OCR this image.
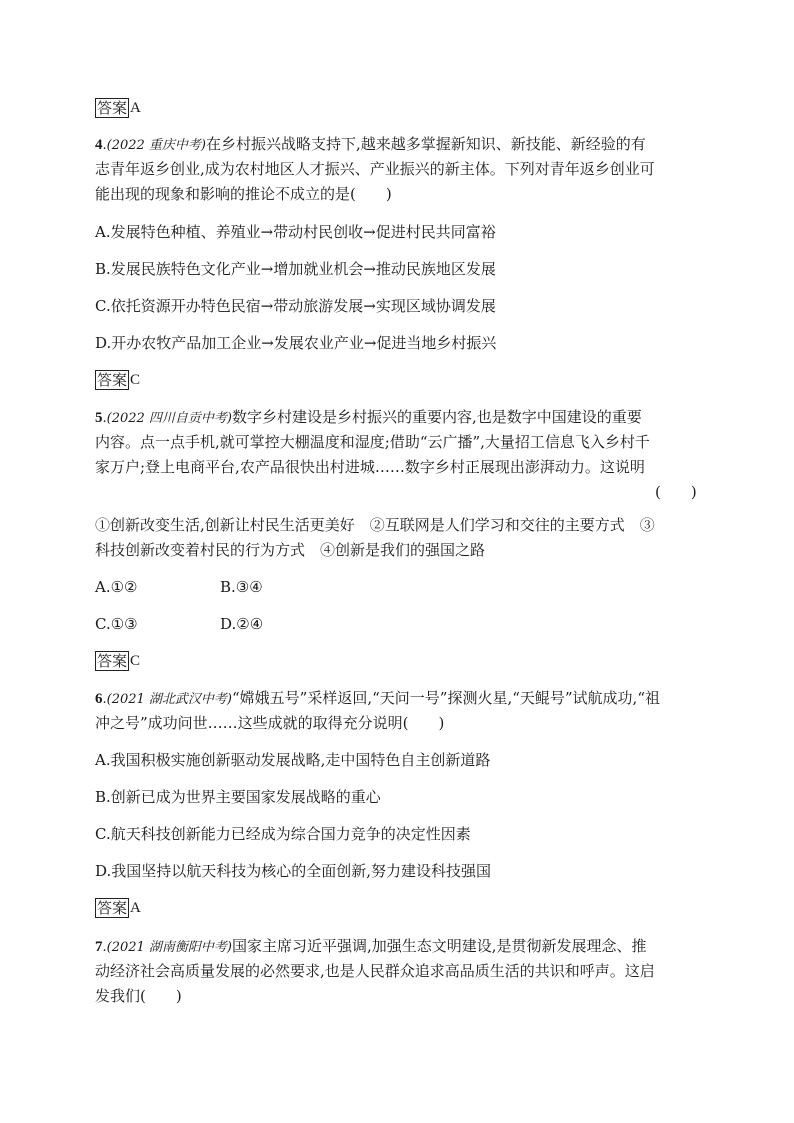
答案 A
4.(2022 重庆中考)在乡村振兴战略支持下,越来越多掌握新知识、新技能、新经验的有
志青年返乡创业,成为农村地区人才振兴、产业振兴的新主体。下列对青年返乡创业可
能出现的现象和影响的推论不成立的是(　　)
A.发展特色种植、养殖业→带动村民创收→促进村民共同富裕
B.发展民族特色文化产业→增加就业机会→推动民族地区发展
C.依托资源开办特色民宿→带动旅游发展→实现区域协调发展
D.开办农牧产品加工企业→发展农业产业→促进当地乡村振兴
答案 C
5.(2022 四川自贡中考)数字乡村建设是乡村振兴的重要内容,也是数字中国建设的重要
内容。点一点手机,就可掌控大棚温度和湿度;借助“云广播”,大量招工信息飞入乡村千
家万户;登上电商平台,农产品很快出村进城……数字乡村正展现出澎湃动力。这说明
(　　)
①创新改变生活,创新让村民生活更美好　②互联网是人们学习和交往的主要方式　③
科技创新改变着村民的行为方式　④创新是我们的强国之路
A.①②	B.③④
C.①③	D.②④
答案 C
6.(2021 湖北武汉中考)“嫦娥五号”采样返回,“天问一号”探测火星,“天鲲号”试航成功,“祖
冲之号”成功问世……这些成就的取得充分说明(　　)
A.我国积极实施创新驱动发展战略,走中国特色自主创新道路
B.创新已成为世界主要国家发展战略的重心
C.航天科技创新能力已经成为综合国力竞争的决定性因素
D.我国坚持以航天科技为核心的全面创新,努力建设科技强国
答案 A
7.(2021 湖南衡阳中考)国家主席习近平强调,加强生态文明建设,是贯彻新发展理念、推
动经济社会高质量发展的必然要求,也是人民群众追求高品质生活的共识和呼声。这启
发我们(　　)
